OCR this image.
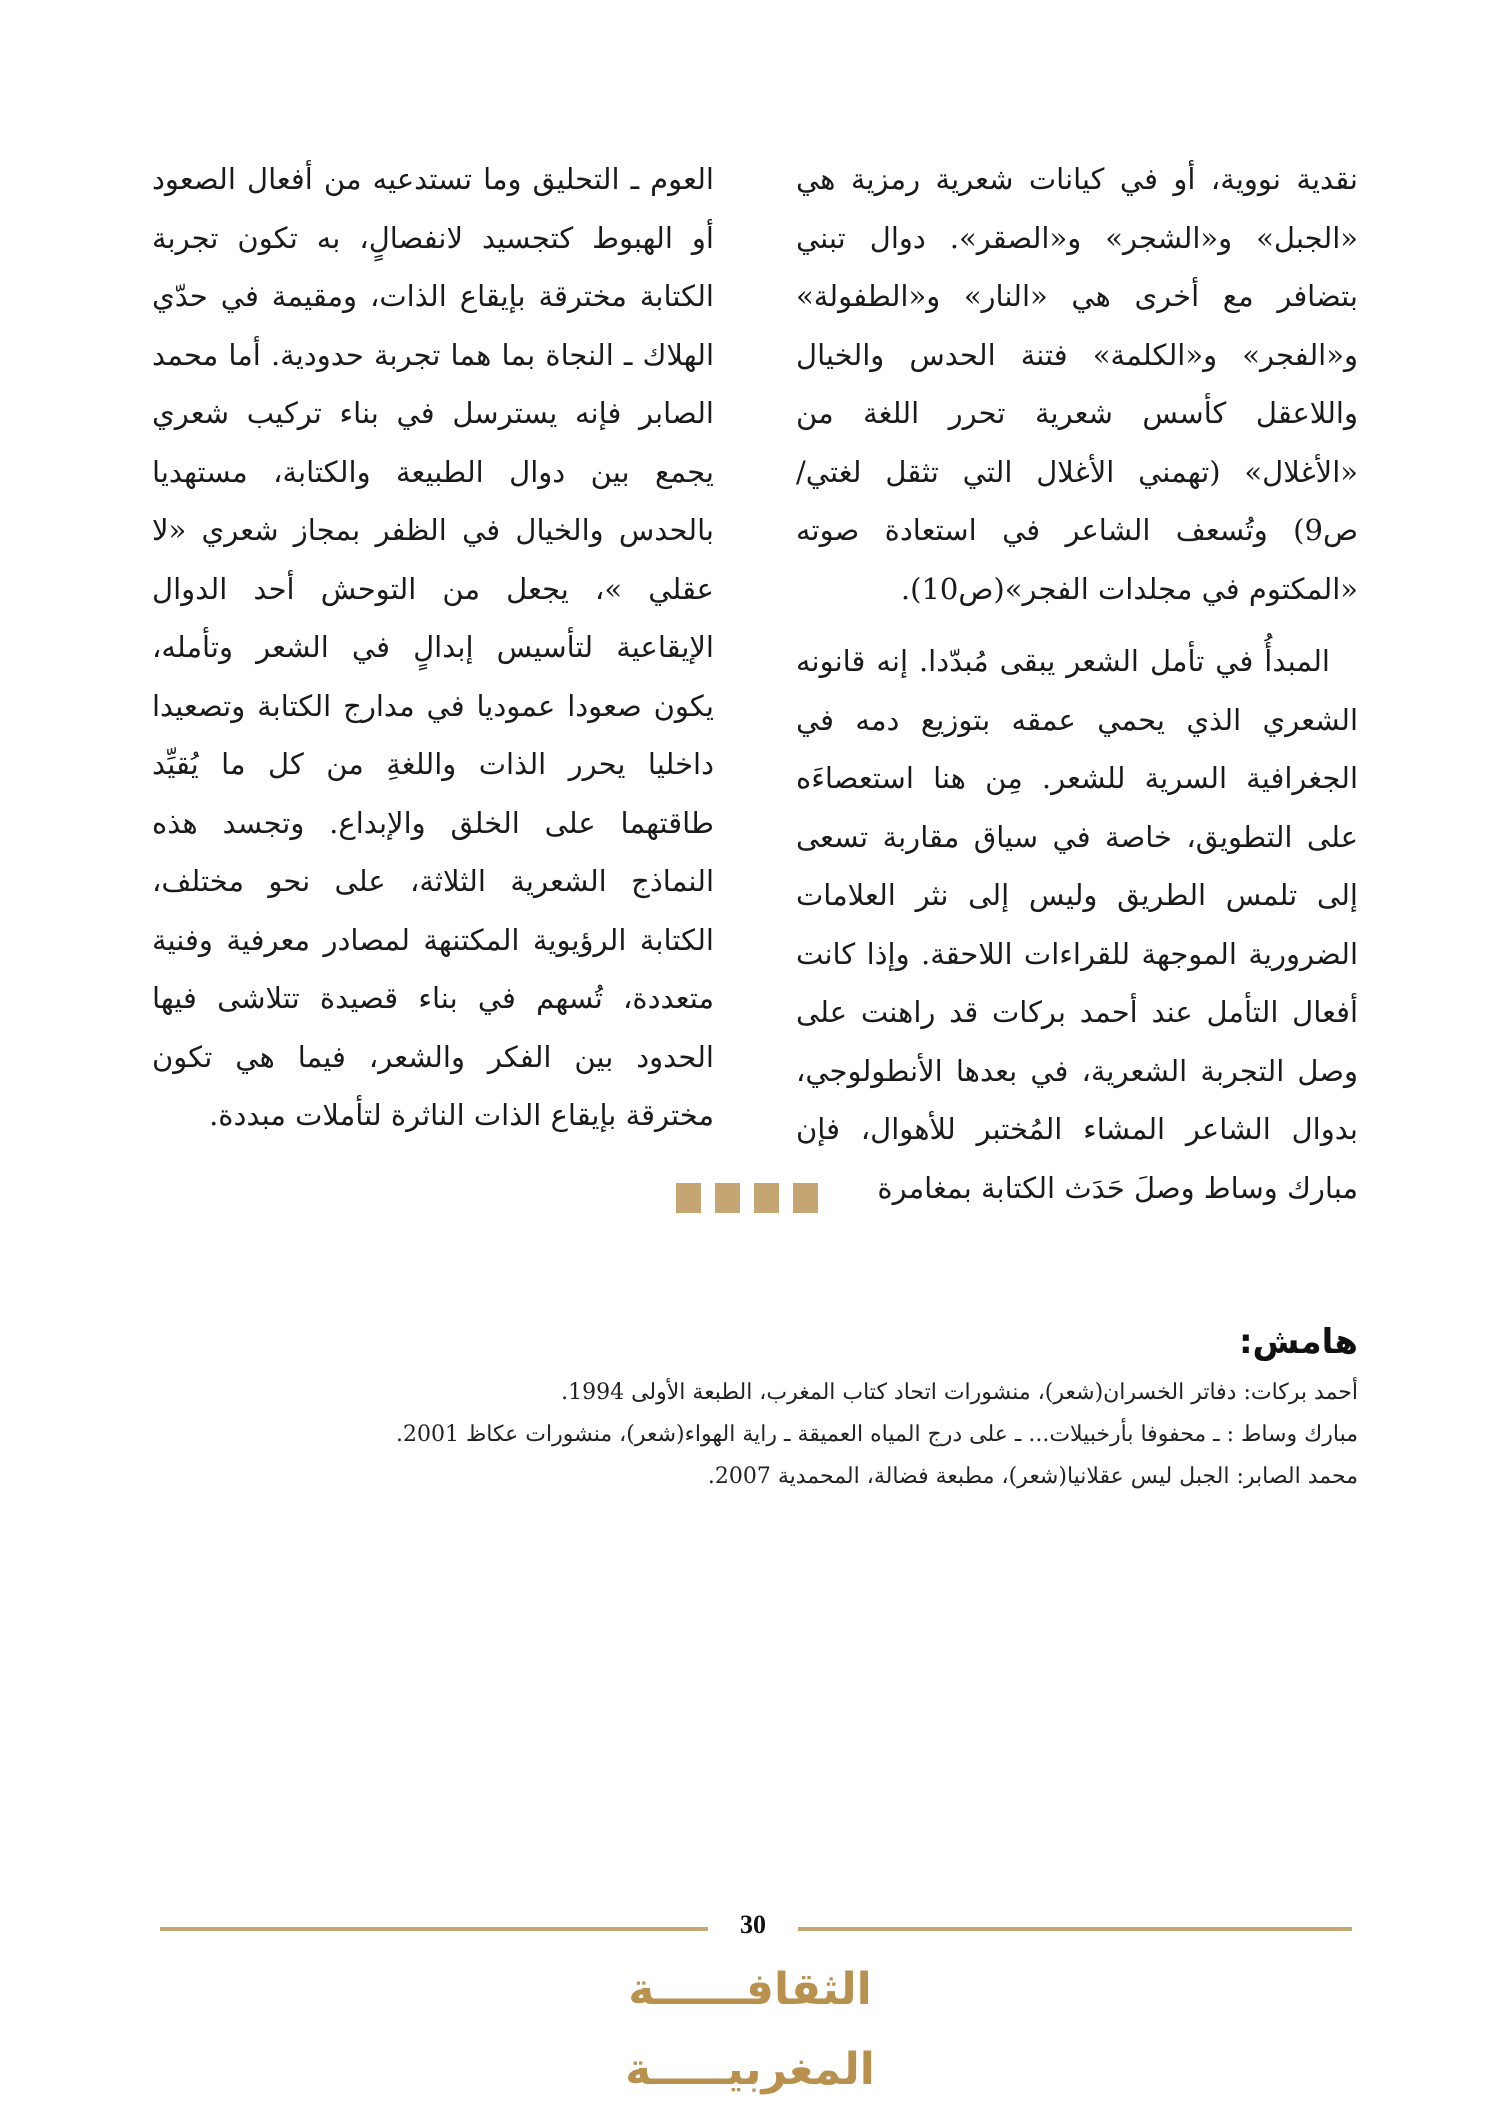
نقدية نووية، أو في كيانات شعرية رمزية هي «الجبل» و«الشجر» و«الصقر». دوال تبني بتضافر مع أخرى هي «النار» و«الطفولة» و«الفجر» و«الكلمة» فتنة الحدس والخيال واللاعقل كأسس شعرية تحرر اللغة من «الأغلال» (تهمني الأغلال التي تثقل لغتي/ ص9) وتُسعف الشاعر في استعادة صوته «المكتوم في مجلدات الفجر»(ص10).

المبدأُ في تأمل الشعر يبقى مُبدّدا. إنه قانونه الشعري الذي يحمي عمقه بتوزيع دمه في الجغرافية السرية للشعر. مِن هنا استعصاءَه على التطويق، خاصة في سياق مقاربة تسعى إلى تلمس الطريق وليس إلى نثر العلامات الضرورية الموجهة للقراءات اللاحقة. وإذا كانت أفعال التأمل عند أحمد بركات قد راهنت على وصل التجربة الشعرية، في بعدها الأنطولوجي، بدوال الشاعر المشاء المُختبر للأهوال، فإن مبارك وساط وصلَ حَدَث الكتابة بمغامرة

العوم ـ التحليق وما تستدعيه من أفعال الصعود أو الهبوط كتجسيد لانفصالٍ، به تكون تجربة الكتابة مخترقة بإيقاع الذات، ومقيمة في حدّي الهلاك ـ النجاة بما هما تجربة حدودية. أما محمد الصابر فإنه يسترسل في بناء تركيب شعري يجمع بين دوال الطبيعة والكتابة، مستهديا بالحدس والخيال في الظفر بمجاز شعري «لا عقلي »، يجعل من التوحش أحد الدوال الإيقاعية لتأسيس إبدالٍ في الشعر وتأمله، يكون صعودا عموديا في مدارج الكتابة وتصعيدا داخليا يحرر الذات واللغةِ من كل ما يُقيِّد طاقتهما على الخلق والإبداع. وتجسد هذه النماذج الشعرية الثلاثة، على نحو مختلف، الكتابة الرؤيوية المكتنهة لمصادر معرفية وفنية متعددة، تُسهم في بناء قصيدة تتلاشى فيها الحدود بين الفكر والشعر، فيما هي تكون مخترقة بإيقاع الذات الناثرة لتأملات مبددة.

هامش:

أحمد بركات: دفاتر الخسران(شعر)، منشورات اتحاد كتاب المغرب، الطبعة الأولى 1994.

مبارك وساط : ـ محفوفا بأرخبيلات... ـ على درج المياه العميقة ـ راية الهواء(شعر)، منشورات عكاظ 2001.

محمد الصابر: الجبل ليس عقلانيا(شعر)، مطبعة فضالة، المحمدية 2007.

30
الثقافــــــة المغربيـــــة
